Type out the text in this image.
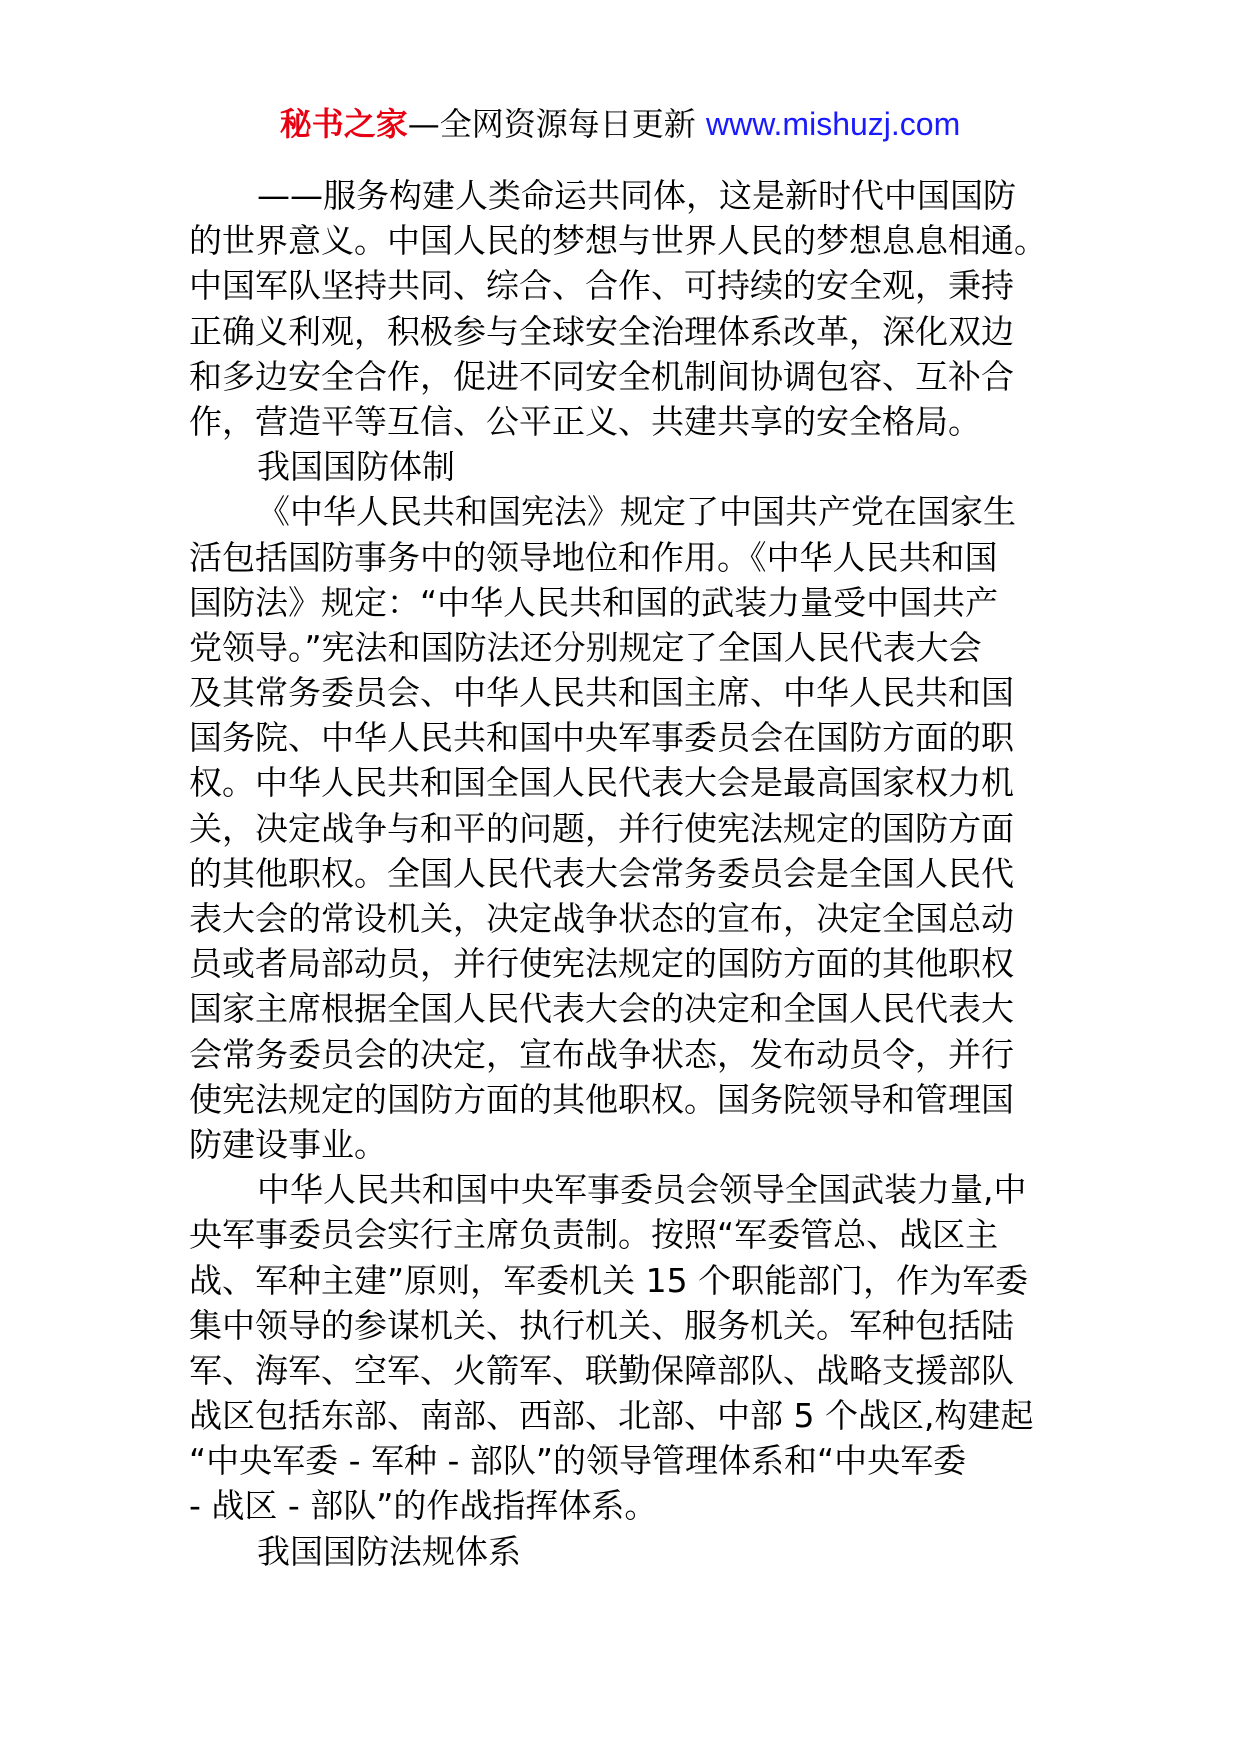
秘书之家—全网资源每日更新 www.mishuzj.com
——服务构建人类命运共同体，这是新时代中国国防
的世界意义。中国人民的梦想与世界人民的梦想息息相通。
中国军队坚持共同、综合、合作、可持续的安全观，秉持
正确义利观，积极参与全球安全治理体系改革，深化双边
和多边安全合作，促进不同安全机制间协调包容、互补合
作，营造平等互信、公平正义、共建共享的安全格局。
我国国防体制
《中华人民共和国宪法》规定了中国共产党在国家生
活包括国防事务中的领导地位和作用。《中华人民共和国
国防法》规定：“中华人民共和国的武装力量受中国共产
党领导。”宪法和国防法还分别规定了全国人民代表大会
及其常务委员会、中华人民共和国主席、中华人民共和国
国务院、中华人民共和国中央军事委员会在国防方面的职
权。中华人民共和国全国人民代表大会是最高国家权力机
关，决定战争与和平的问题，并行使宪法规定的国防方面
的其他职权。全国人民代表大会常务委员会是全国人民代
表大会的常设机关，决定战争状态的宣布，决定全国总动
员或者局部动员，并行使宪法规定的国防方面的其他职权
国家主席根据全国人民代表大会的决定和全国人民代表大
会常务委员会的决定，宣布战争状态，发布动员令，并行
使宪法规定的国防方面的其他职权。国务院领导和管理国
防建设事业。
中华人民共和国中央军事委员会领导全国武装力量,中
央军事委员会实行主席负责制。按照“军委管总、战区主
战、军种主建”原则，军委机关 15 个职能部门，作为军委
集中领导的参谋机关、执行机关、服务机关。军种包括陆
军、海军、空军、火箭军、联勤保障部队、战略支援部队
战区包括东部、南部、西部、北部、中部 5 个战区,构建起
“中央军委 - 军种 - 部队”的领导管理体系和“中央军委
- 战区 - 部队”的作战指挥体系。
我国国防法规体系
